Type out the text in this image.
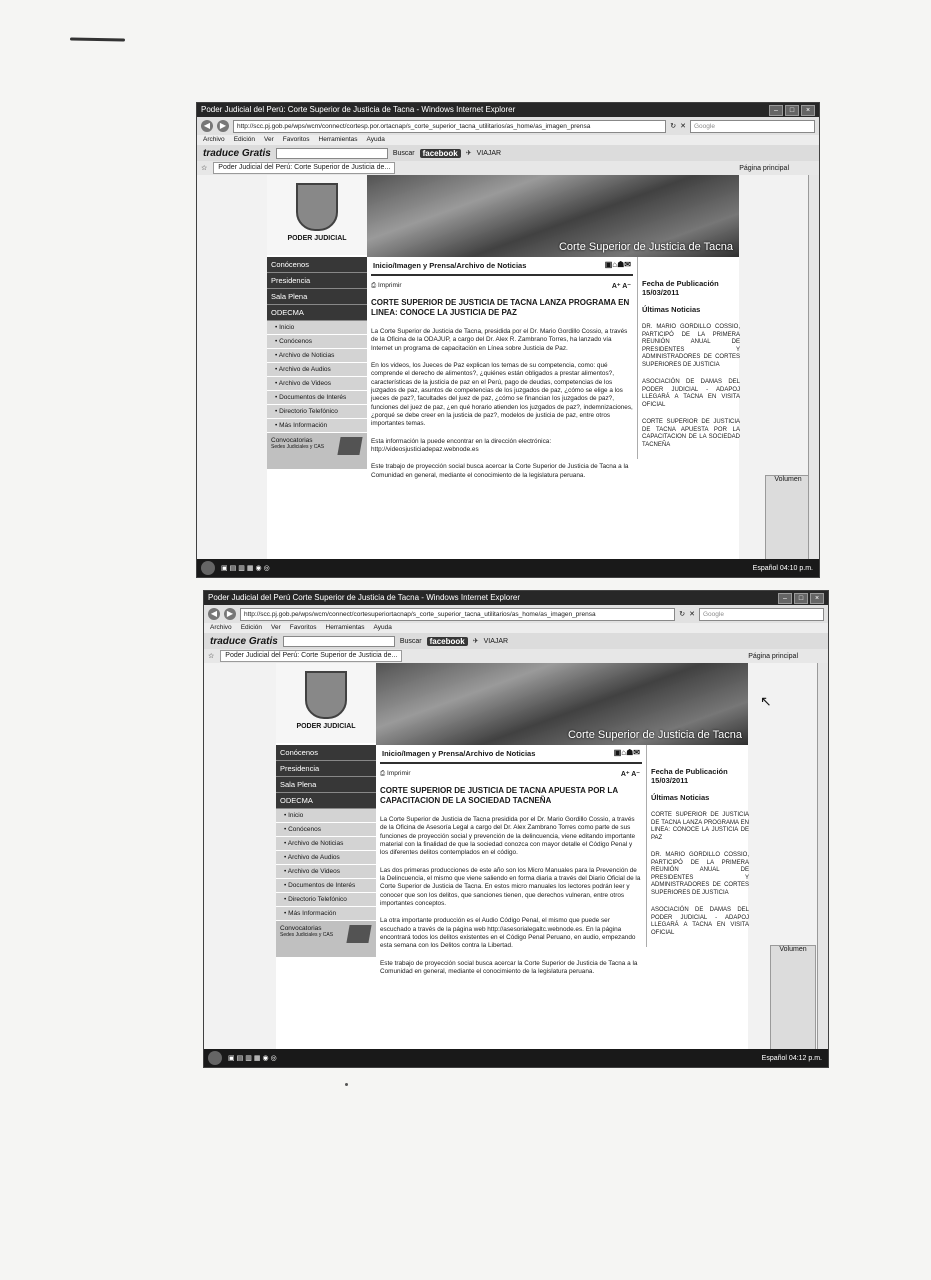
Poder Judicial del Perú: Corte Superior de Justicia de Tacna - Windows Internet Explorer	–	□	×
◀	▶	http://scc.pj.gob.pe/wps/wcm/connect/cortesp.por.ortacnap/s_corte_superior_tacna_utilitarios/as_home/as_imagen_prensa	↻ ✕	Google
Archivo Edición Ver Favoritos Herramientas Ayuda
traduce Gratis	Buscar	facebook	✈ VIAJAR
☆	Poder Judicial del Perú: Corte Superior de Justicia de...	Página principal
PODER JUDICIAL
Corte Superior de Justicia de Tacna
Conócenos
Presidencia
Sala Plena
ODECMA
• Inicio
• Conócenos
• Archivo de Noticias
• Archivo de Audios
• Archivo de Videos
• Documentos de Interés
• Directorio Telefónico
• Más Información
Convocatorias
Sedes Judiciales y CAS
Inicio/Imagen y Prensa/Archivo de Noticias	▣⌂☗✉
⎙ Imprimir	A⁺ A⁻
CORTE SUPERIOR DE JUSTICIA DE TACNA LANZA PROGRAMA EN LINEA: CONOCE LA JUSTICIA DE PAZ

La Corte Superior de Justicia de Tacna, presidida por el Dr. Mario Gordillo Cossio, a través de la Oficina de la ODAJUP, a cargo del Dr. Alex R. Zambrano Torres, ha lanzado vía Internet un programa de capacitación en Línea sobre Justicia de Paz.

En los videos, los Jueces de Paz explican los temas de su competencia, como: qué comprende el derecho de alimentos?, ¿quiénes están obligados a prestar alimentos?, características de la justicia de paz en el Perú, pago de deudas, competencias de los juzgados de paz, asuntos de competencias de los juzgados de paz, ¿cómo se elige a los jueces de paz?, facultades del juez de paz, ¿cómo se financian los juzgados de paz?, funciones del juez de paz, ¿en qué horario atienden los juzgados de paz?, indemnizaciones, ¿porqué se debe creer en la justicia de paz?, modelos de justicia de paz, entre otros importantes temas.

Esta información la puede encontrar en la dirección electrónica: http://videosjusticiadepaz.webnode.es

Este trabajo de proyección social busca acercar la Corte Superior de Justicia de Tacna a la Comunidad en general, mediante el conocimiento de la legislatura peruana.

Fecha de Publicación
15/03/2011
Últimas Noticias
DR. MARIO GORDILLO COSSIO, PARTICIPÓ DE LA PRIMERA REUNIÓN ANUAL DE PRESIDENTES Y ADMINISTRADORES DE CORTES SUPERIORES DE JUSTICIA
ASOCIACIÓN DE DAMAS DEL PODER JUDICIAL - ADAPOJ LLEGARÁ A TACNA EN VISITA OFICIAL
CORTE SUPERIOR DE JUSTICIA DE TACNA APUESTA POR LA CAPACITACION DE LA SOCIEDAD TACNEÑA
Volumen
▣▤▥▦◉◎	Español 04:10 p.m.
Poder Judicial del Perú Corte Superior de Justicia de Tacna - Windows Internet Explorer	–	□	×
◀	▶	http://scc.pj.gob.pe/wps/wcm/connect/cortesuperiortacnap/s_corte_superior_tacna_utilitarios/as_home/as_imagen_prensa	↻ ✕	Google
Archivo Edición Ver Favoritos Herramientas Ayuda
traduce Gratis	Buscar	facebook	✈ VIAJAR
☆	Poder Judicial del Perú: Corte Superior de Justicia de...	Página principal
PODER JUDICIAL
Corte Superior de Justicia de Tacna
Conócenos
Presidencia
Sala Plena
ODECMA
• Inicio
• Conócenos
• Archivo de Noticias
• Archivo de Audios
• Archivo de Videos
• Documentos de Interés
• Directorio Telefónico
• Más Información
Convocatorias
Sedes Judiciales y CAS
Inicio/Imagen y Prensa/Archivo de Noticias	▣⌂☗✉
⎙ Imprimir	A⁺ A⁻
CORTE SUPERIOR DE JUSTICIA DE TACNA APUESTA POR LA CAPACITACION DE LA SOCIEDAD TACNEÑA

La Corte Superior de Justicia de Tacna presidida por el Dr. Mario Gordillo Cossio, a través de la Oficina de Asesoría Legal a cargo del Dr. Alex Zambrano Torres como parte de sus funciones de proyección social y prevención de la delincuencia, viene editando importante material con la finalidad de que la sociedad conozca con mayor detalle el Código Penal y los diferentes delitos contemplados en el código.

Las dos primeras producciones de este año son los Micro Manuales para la Prevención de la Delincuencia, el mismo que viene saliendo en forma diaria a través del Diario Oficial de la Corte Superior de Justicia de Tacna. En estos micro manuales los lectores podrán leer y conocer que son los delitos, que sanciones tienen, que derechos vulneran, entre otros importantes conceptos.

La otra importante producción es el Audio Código Penal, el mismo que puede ser escuchado a través de la página web http://asesorialegaltc.webnode.es. En la página encontrará todos los delitos existentes en el Código Penal Peruano, en audio, empezando esta semana con los Delitos contra la Libertad.

Este trabajo de proyección social busca acercar la Corte Superior de Justicia de Tacna a la Comunidad en general, mediante el conocimiento de la legislatura peruana.

Fecha de Publicación
15/03/2011
Últimas Noticias
CORTE SUPERIOR DE JUSTICIA DE TACNA LANZA PROGRAMA EN LINEA: CONOCE LA JUSTICIA DE PAZ
DR. MARIO GORDILLO COSSIO, PARTICIPÓ DE LA PRIMERA REUNIÓN ANUAL DE PRESIDENTES Y ADMINISTRADORES DE CORTES SUPERIORES DE JUSTICIA
ASOCIACIÓN DE DAMAS DEL PODER JUDICIAL - ADAPOJ LLEGARÁ A TACNA EN VISITA OFICIAL
↖
Volumen
▣▤▥▦◉◎	Español 04:12 p.m.
